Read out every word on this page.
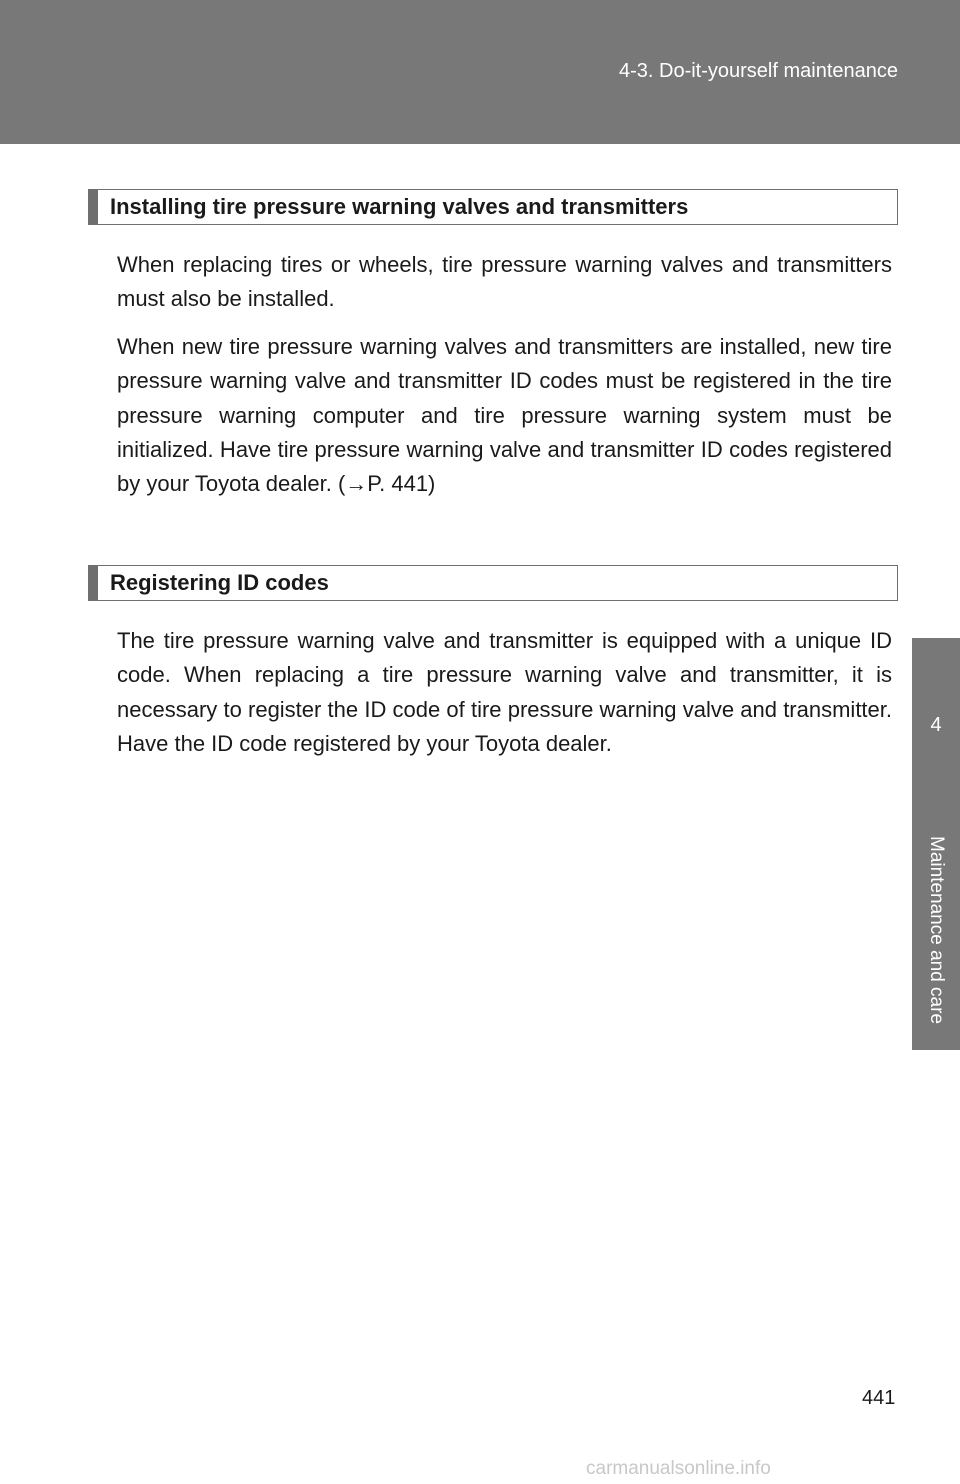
4-3. Do-it-yourself maintenance
4
Maintenance and care
Installing tire pressure warning valves and transmitters

When replacing tires or wheels, tire pressure warning valves and transmitters must also be installed.

When new tire pressure warning valves and transmitters are installed, new tire pressure warning valve and transmitter ID codes must be registered in the tire pressure warning computer and tire pressure warning system must be initialized. Have tire pressure warning valve and transmitter ID codes registered by your Toyota dealer. (→P. 441)

Registering ID codes

The tire pressure warning valve and transmitter is equipped with a unique ID code. When replacing a tire pressure warning valve and transmitter, it is necessary to register the ID code of tire pressure warning valve and transmitter. Have the ID code registered by your Toyota dealer.

441
carmanualsonline.info
